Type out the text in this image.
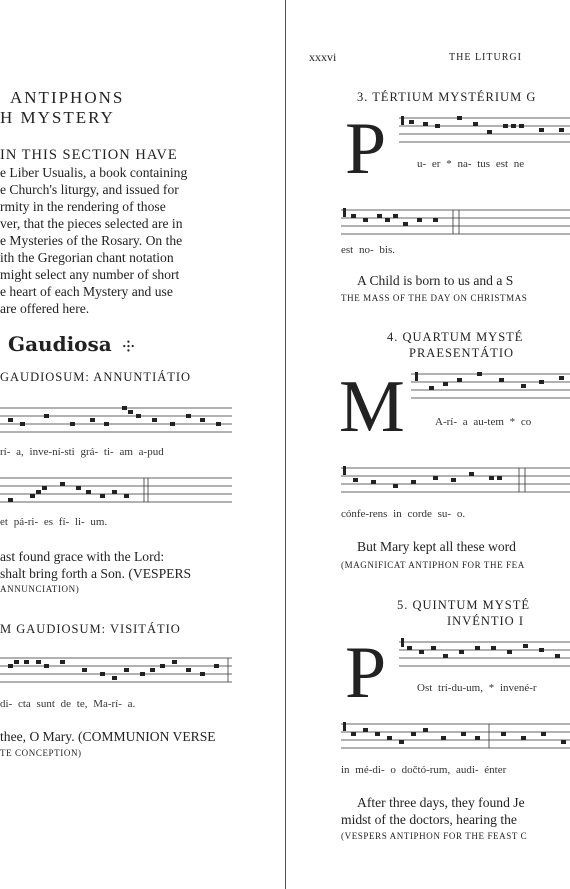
ANTIPHONS
H MYSTERY
IN THIS SECTION HAVE
e Liber Usualis, a book containing
e Church's liturgy, and issued for
rmity in the rendering of those
ver, that the pieces selected are in
e Mysteries of the Rosary. On the
ith the Gregorian chant notation
might select any number of short
e heart of each Mystery and use
are offered here.
Gaudiosa ⸭
GAUDIOSUM: ANNUNTIÁTIO
rí- a, inve-ní-sti grá- ti- am a-pud
et pá-ri- es fí- li- um.
ast found grace with the Lord:
shalt bring forth a Son. (VESPERS
ANNUNCIATION)
M GAUDIOSUM: VISITÁTIO
di- cta sunt de te, Ma-rí- a.
thee, O Mary. (COMMUNION VERSE
TE CONCEPTION)
xxxvi	THE LITURGI
3. TÉRTIUM MYSTÉRIUM G
P	u- er * na- tus est ne
est no- bis.
A Child is born to us and a S
THE MASS OF THE DAY ON CHRISTMAS
4. QUARTUM MYSTÉ
PRAESENTÁTIO
M	A-rí- a au-tem * co
cónfe-rens in corde su- o.
But Mary kept all these word
(MAGNIFICAT ANTIPHON FOR THE FEA
5. QUINTUM MYSTÉ
INVÉNTIO I
P	Ost trí-du-um, * invené-r
in mé-di- o dočtó-rum, audi- énter
After three days, they found Je
midst of the doctors, hearing the
(VESPERS ANTIPHON FOR THE FEAST C
